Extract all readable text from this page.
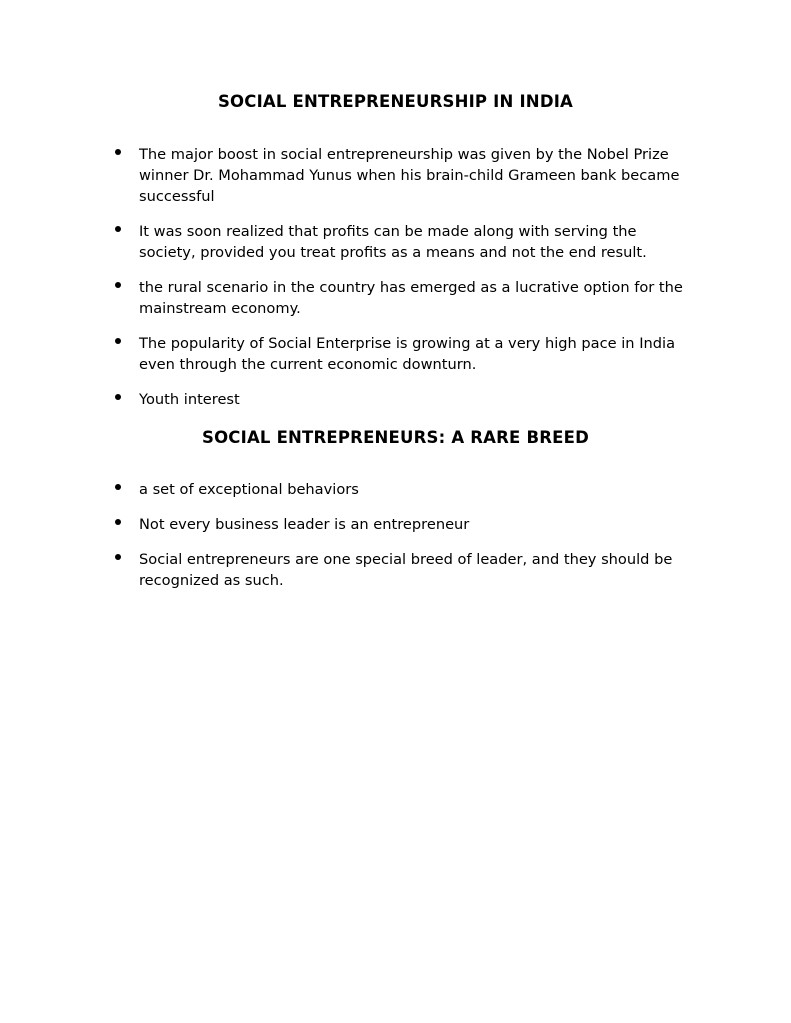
SOCIAL ENTREPRENEURSHIP IN INDIA
The major boost in social entrepreneurship was given by the Nobel Prize winner Dr. Mohammad Yunus when his brain-child Grameen bank became successful
It was soon realized that profits can be made along with serving the society, provided you treat profits as a means and not the end result.
the rural scenario in the country has emerged as a lucrative option for the mainstream economy.
The popularity of Social Enterprise is growing at a very high pace in India even through the current economic downturn.
Youth interest
SOCIAL ENTREPRENEURS: A RARE BREED
a set of exceptional behaviors
Not every business leader is an entrepreneur
Social entrepreneurs are one special breed of leader, and they should be recognized as such.
